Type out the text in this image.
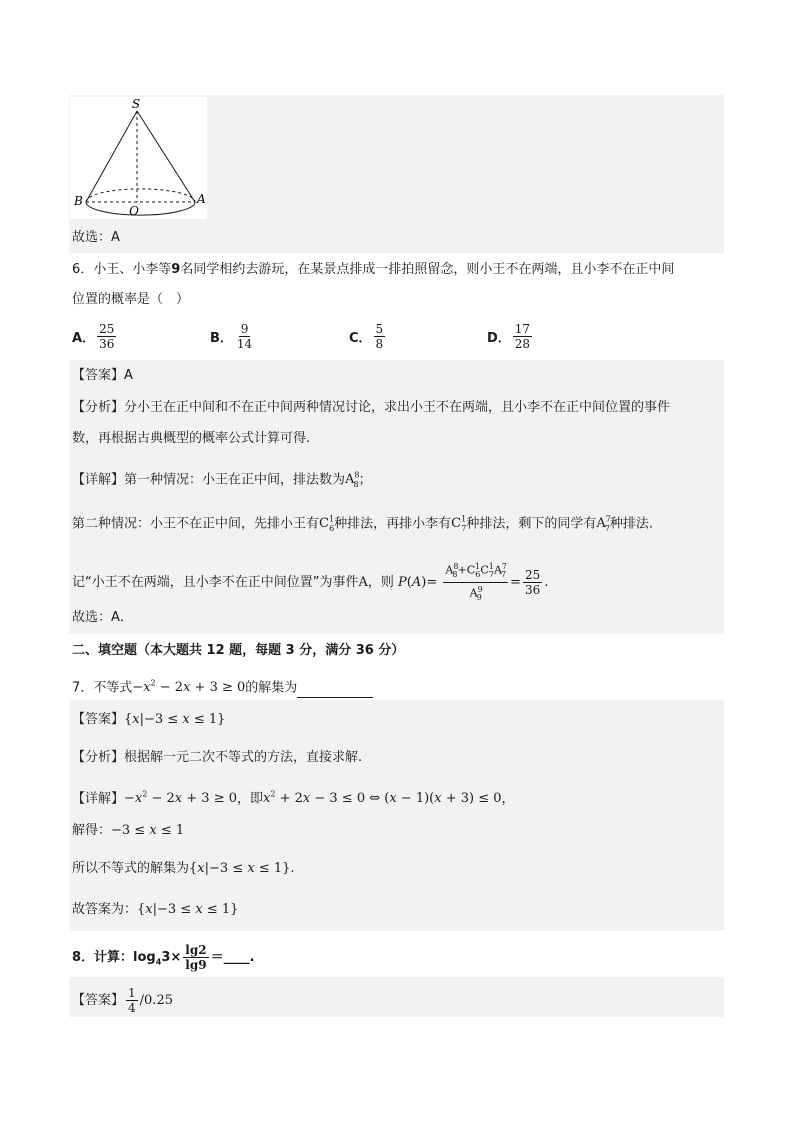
S
B
O
A
故选：A
6．小王、小李等9名同学相约去游玩，在某景点排成一排拍照留念，则小王不在两端，且小李不在正中间
位置的概率是（　）
A． $\frac{25}{36}$	B． $\frac{9}{14}$	C． $\frac{5}{8}$	D． $\frac{17}{28}$
【答案】A
【分析】分小王在正中间和不在正中间两种情况讨论，求出小王不在两端，且小李不在正中间位置的事件
数，再根据古典概型的概率公式计算可得.
【详解】第一种情况：小王在正中间，排法数为$A^8_8$；
第二种情况：小王不在正中间，先排小王有$C^1_6$种排法，再排小李有$C^1_7$种排法，剩下的同学有$A^7_7$种排法.
记“小王不在两端，且小李不在正中间位置”为事件A，则 $P(A)= \frac{A^8_8+C^1_6C^1_7A^7_7}{A^9_9} = \frac{25}{36}$ .
故选：A．
二、填空题（本大题共 12 题，每题 3 分，满分 36 分）
7．不等式$-x^2 - 2x + 3 \ge 0$的解集为
【答案】{x|−3 ≤ x ≤ 1}
【分析】根据解一元二次不等式的方法，直接求解.
【详解】$-x^2 - 2x + 3 \ge 0$，即$x^2 + 2x - 3 \le 0$ ⇔ (x − 1)(x + 3) ≤ 0，
解得：−3 ≤ x ≤ 1
所以不等式的解集为{x|−3 ≤ x ≤ 1}.
故答案为：{x|−3 ≤ x ≤ 1}
8．计算：$\log_43\times \frac{\lg 2}{\lg 9}$ ＝____.
【答案】 $\frac{1}{4} /0.25$
